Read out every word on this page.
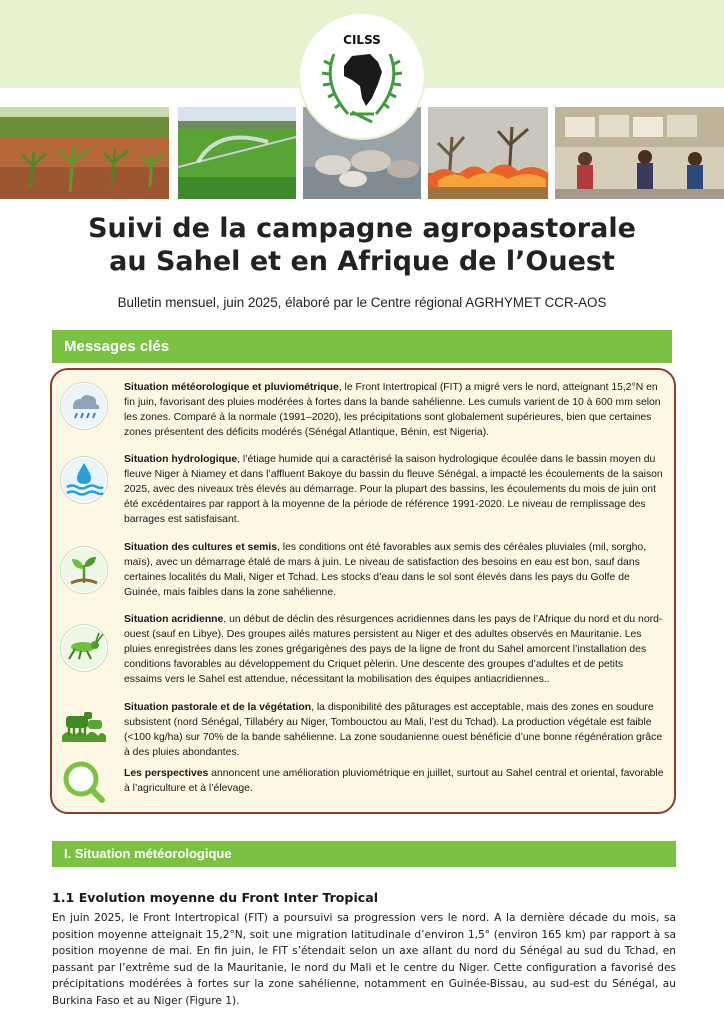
CILSS
Suivi de la campagne agropastorale
au Sahel et en Afrique de l’Ouest
Bulletin mensuel, juin 2025, élaboré par le Centre régional AGRHYMET CCR-AOS
Messages clés

Situation météorologique et pluviométrique, le Front Intertropical (FIT) a migré vers le nord, atteignant 15,2°N en fin juin, favorisant des pluies modérées à fortes dans la bande sahélienne. Les cumuls varient de 10 à 600 mm selon les zones. Comparé à la normale (1991–2020), les précipitations sont globalement supérieures, bien que certaines zones présentent des déficits modérés (Sénégal Atlantique, Bénin, est Nigeria).

Situation hydrologique, l’étiage humide qui a caractérisé la saison hydrologique écoulée dans le bassin moyen du fleuve Niger à Niamey et dans l’affluent Bakoye du bassin du fleuve Sénégal, a impacté les écoulements de la saison 2025, avec des niveaux très élevés au démarrage. Pour la plupart des bassins, les écoulements du mois de juin ont été excédentaires par rapport à la moyenne de la période de référence 1991-2020. Le niveau de remplissage des barrages est satisfaisant.

Situation des cultures et semis, les conditions ont été favorables aux semis des céréales pluviales (mil, sorgho, maïs), avec un démarrage étalé de mars à juin. Le niveau de satisfaction des besoins en eau est bon, sauf dans certaines localités du Mali, Niger et Tchad. Les stocks d’eau dans le sol sont élevés dans les pays du Golfe de Guinée, mais faibles dans la zone sahélienne.

Situation acridienne, un début de déclin des résurgences acridiennes dans les pays de l’Afrique du nord et du nord-ouest (sauf en Libye). Des groupes ailés matures persistent au Niger et des adultes observés en Mauritanie. Les pluies enregistrées dans les zones grégarigènes des pays de la ligne de front du Sahel amorcent l’installation des conditions favorables au développement du Criquet pèlerin. Une descente des groupes d’adultes et de petits essaims vers le Sahel est attendue, nécessitant la mobilisation des équipes antiacridiennes..

Situation pastorale et de la végétation, la disponibilité des pâturages est acceptable, mais des zones en soudure subsistent (nord Sénégal, Tillabéry au Niger, Tombouctou au Mali, l’est du Tchad). La production végétale est faible (<100 kg/ha) sur 70% de la bande sahélienne. La zone soudanienne ouest bénéficie d’une bonne régénération grâce à des pluies abondantes.

Les perspectives annoncent une amélioration pluviométrique en juillet, surtout au Sahel central et oriental, favorable à l’agriculture et à l’élevage.

I. Situation météorologique
1.1 Evolution moyenne du Front Inter Tropical

En juin 2025, le Front Intertropical (FIT) a poursuivi sa progression vers le nord. A la dernière décade du mois, sa position moyenne atteignait 15,2°N, soit une migration latitudinale d’environ 1,5° (environ 165 km) par rapport à sa position moyenne de mai. En fin juin, le FIT s’étendait selon un axe allant du nord du Sénégal au sud du Tchad, en passant par l’extrême sud de la Mauritanie, le nord du Mali et le centre du Niger. Cette configuration a favorisé des précipitations modérées à fortes sur la zone sahélienne, notamment en Guinée-Bissau, au sud-est du Sénégal, au Burkina Faso et au Niger (Figure 1).
